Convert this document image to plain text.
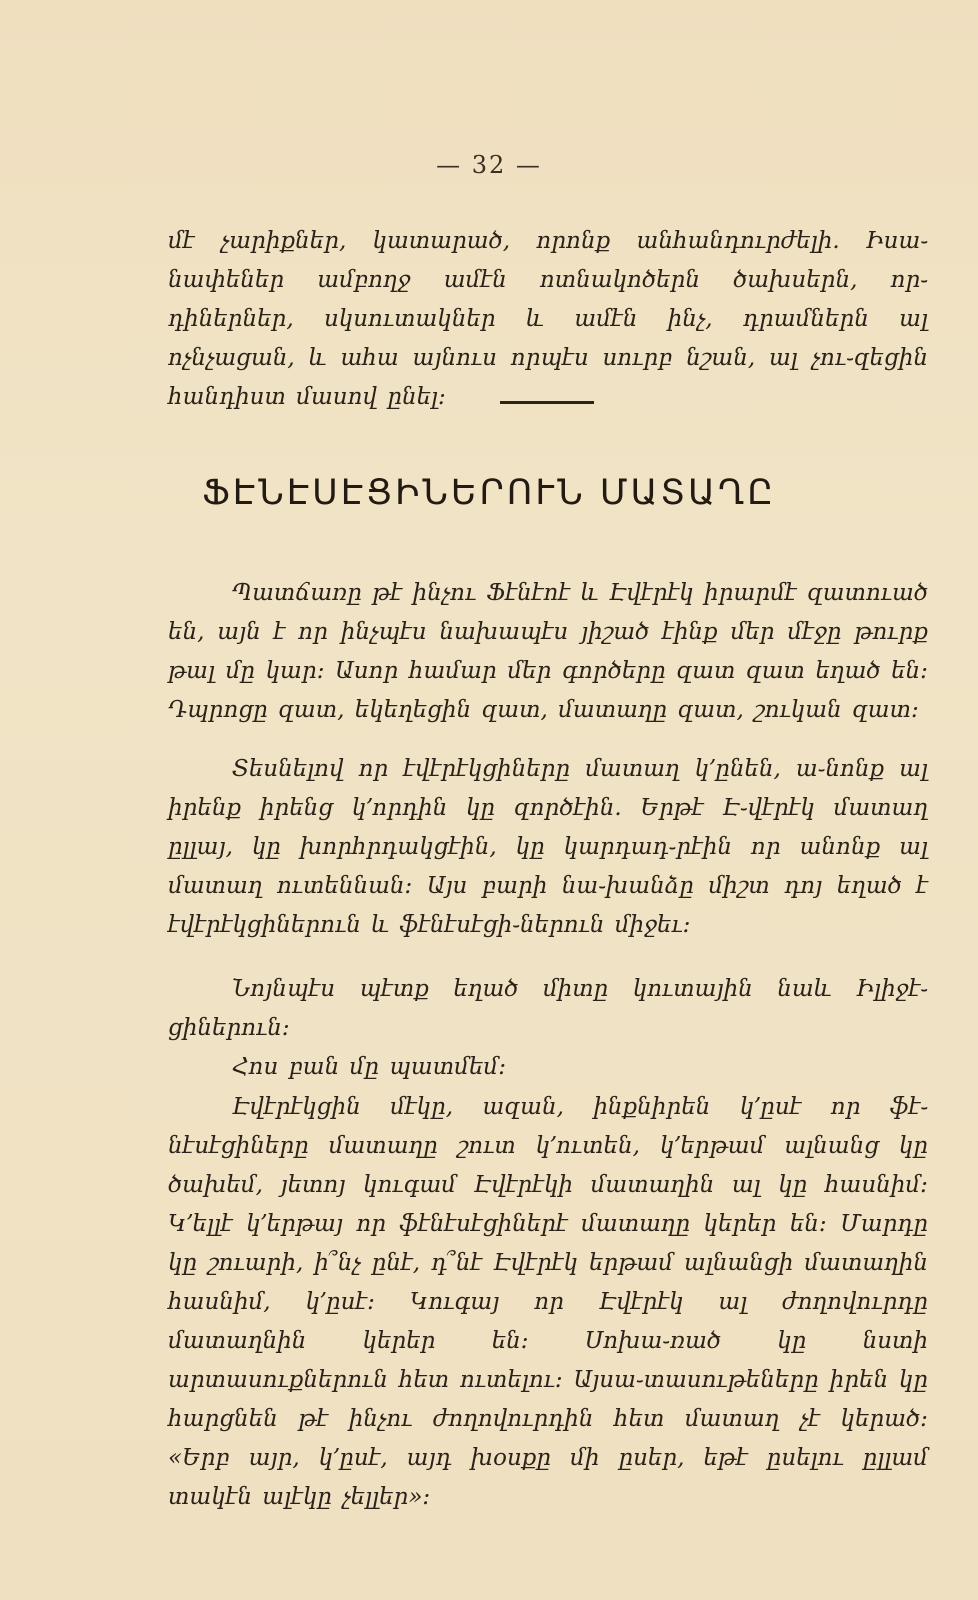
— 32 —

մէ չարիքներ, կատարած, որոնք անհանդուրժելի. Իսա֊նափեներ ամբողջ ամէն ոտնակոծերն ծախսերն, որ֊դիներներ, սկսուտակներ և ամէն ինչ, դրամներն ալ ոչնչացան, և ահա այնուս որպէս սուրբ նշան, ալ չու֊զեցին հանդիստ մասով ընել։

ՖԷՆԷՍԷՑԻՆԵՐՈՒՆ ՄԱՏԱՂԸ

Պատճառը թէ ինչու Ֆէնէոէ և Էվէրէկ իրարմէ զատուած են, այն է որ ինչպէս նախապէս յիշած էինք մեր մէջը թուրք թալ մը կար։ Ասոր համար մեր գործերը զատ զատ եղած են։ Դպրոցը զատ, եկեղեցին զատ, մատաղը զատ, շուկան զատ։

Տեսնելով որ էվէրէկցիները մատաղ կ՚ընեն, ա֊նոնք ալ իրենք իրենց կ՚որդին կը զործէին. Երթէ Է֊վէրէկ մատաղ ըլլայ, կը խորհրդակցէին, կը կարդադ֊րէին որ անոնք ալ մատաղ ուտեննան։ Այս բարի նա֊խանձը միշտ դոյ եղած է էվէրէկցիներուն և ֆէնէսէցի֊ներուն միջեւ։

Նոյնպէս պէտք եղած միտը կուտային նաև Իլիջէ֊ցիներուն։

Հոս բան մը պատմեմ։

Էվէրէկցին մէկը, ազան, ինքնիրեն կ՚ըսէ որ ֆէ֊նէսէցիները մատաղը շուտ կ՚ուտեն, կ՚երթամ ալնանց կը ծախեմ, յետոյ կուգամ Էվէրէկի մատաղին ալ կը հասնիմ։ Կ՚ելլէ կ՚երթայ որ ֆէնէսէցիներէ մատաղը կերեր են։ Մարդը կը շուարի, ի՞նչ ընէ, դ՞նէ Էվէրէկ երթամ ալնանցի մատաղին հասնիմ, կ՚ըսէ։ Կուգայ որ Էվէրէկ ալ ժողովուրդը մատաղնին կերեր են։ Սոխա֊ռած կը նստի արտասուքներուն հետ ուտելու։ Այսա֊տասութեները իրեն կը հարցնեն թէ ինչու ժողովուրդին հետ մատաղ չէ կերած։ «Երբ այր, կ՚ըսէ, այդ խօսքը մի ըսեր, եթէ ըսելու ըլլամ տակէն ալէկը չելլեր»։
